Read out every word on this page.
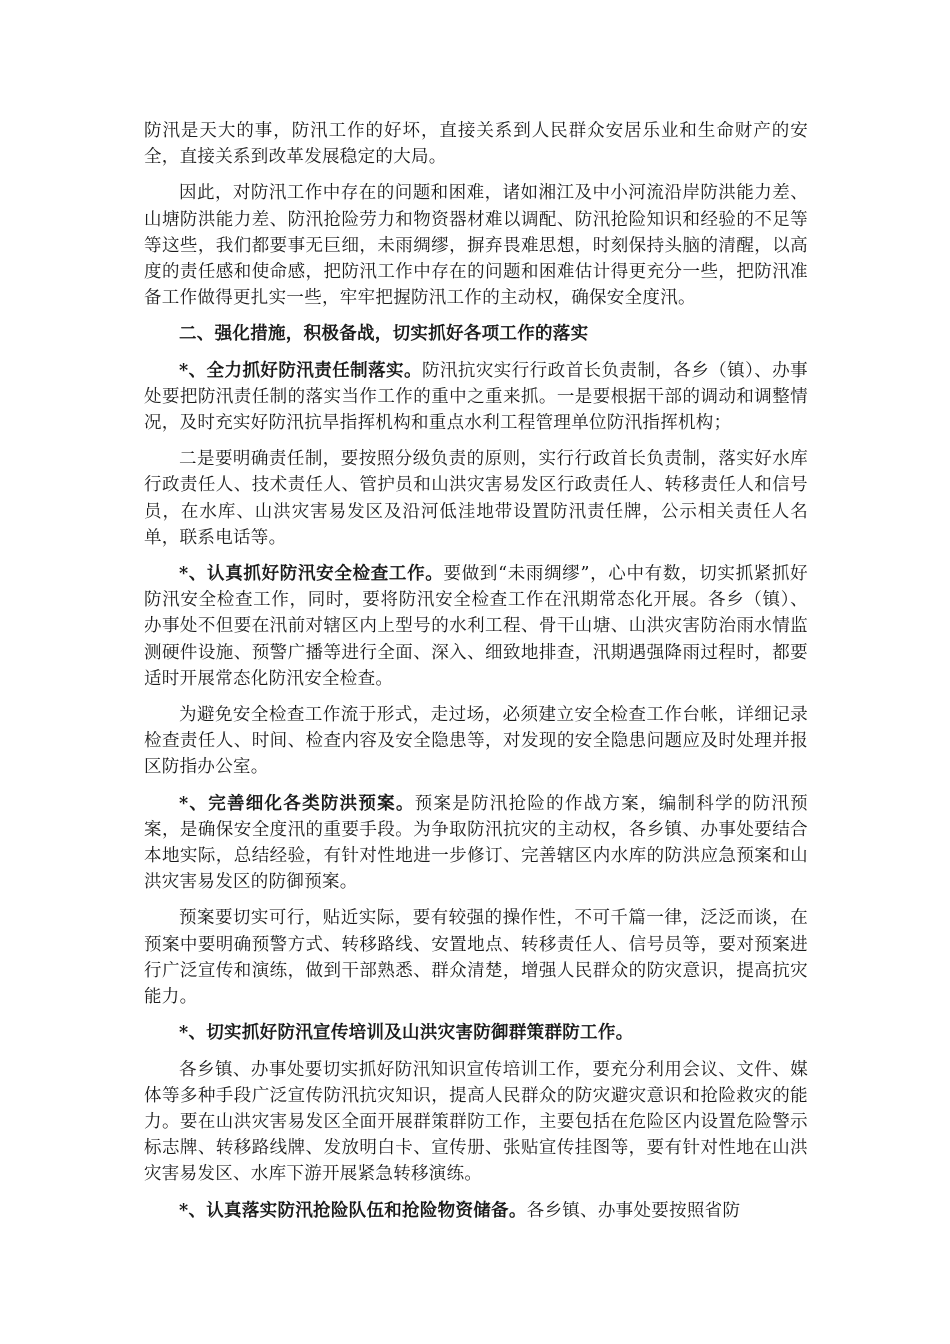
防汛是天大的事，防汛工作的好坏，直接关系到人民群众安居乐业和生命财产的安全，直接关系到改革发展稳定的大局。

因此，对防汛工作中存在的问题和困难，诸如湘江及中小河流沿岸防洪能力差、山塘防洪能力差、防汛抢险劳力和物资器材难以调配、防汛抢险知识和经验的不足等等这些，我们都要事无巨细，未雨绸缪，摒弃畏难思想，时刻保持头脑的清醒，以高度的责任感和使命感，把防汛工作中存在的问题和困难估计得更充分一些，把防汛准备工作做得更扎实一些，牢牢把握防汛工作的主动权，确保安全度汛。

二、强化措施，积极备战，切实抓好各项工作的落实

*、全力抓好防汛责任制落实。防汛抗灾实行行政首长负责制，各乡（镇）、办事处要把防汛责任制的落实当作工作的重中之重来抓。一是要根据干部的调动和调整情况，及时充实好防汛抗旱指挥机构和重点水利工程管理单位防汛指挥机构；

二是要明确责任制，要按照分级负责的原则，实行行政首长负责制，落实好水库行政责任人、技术责任人、管护员和山洪灾害易发区行政责任人、转移责任人和信号员，在水库、山洪灾害易发区及沿河低洼地带设置防汛责任牌，公示相关责任人名单，联系电话等。

*、认真抓好防汛安全检查工作。要做到“未雨绸缪”，心中有数，切实抓紧抓好防汛安全检查工作，同时，要将防汛安全检查工作在汛期常态化开展。各乡（镇）、办事处不但要在汛前对辖区内上型号的水利工程、骨干山塘、山洪灾害防治雨水情监测硬件设施、预警广播等进行全面、深入、细致地排查，汛期遇强降雨过程时，都要适时开展常态化防汛安全检查。

为避免安全检查工作流于形式，走过场，必须建立安全检查工作台帐，详细记录检查责任人、时间、检查内容及安全隐患等，对发现的安全隐患问题应及时处理并报区防指办公室。

*、完善细化各类防洪预案。预案是防汛抢险的作战方案，编制科学的防汛预案，是确保安全度汛的重要手段。为争取防汛抗灾的主动权，各乡镇、办事处要结合本地实际，总结经验，有针对性地进一步修订、完善辖区内水库的防洪应急预案和山洪灾害易发区的防御预案。

预案要切实可行，贴近实际，要有较强的操作性，不可千篇一律，泛泛而谈，在预案中要明确预警方式、转移路线、安置地点、转移责任人、信号员等，要对预案进行广泛宣传和演练，做到干部熟悉、群众清楚，增强人民群众的防灾意识，提高抗灾能力。

*、切实抓好防汛宣传培训及山洪灾害防御群策群防工作。

各乡镇、办事处要切实抓好防汛知识宣传培训工作，要充分利用会议、文件、媒体等多种手段广泛宣传防汛抗灾知识，提高人民群众的防灾避灾意识和抢险救灾的能力。要在山洪灾害易发区全面开展群策群防工作，主要包括在危险区内设置危险警示标志牌、转移路线牌、发放明白卡、宣传册、张贴宣传挂图等，要有针对性地在山洪灾害易发区、水库下游开展紧急转移演练。

*、认真落实防汛抢险队伍和抢险物资储备。各乡镇、办事处要按照省防
